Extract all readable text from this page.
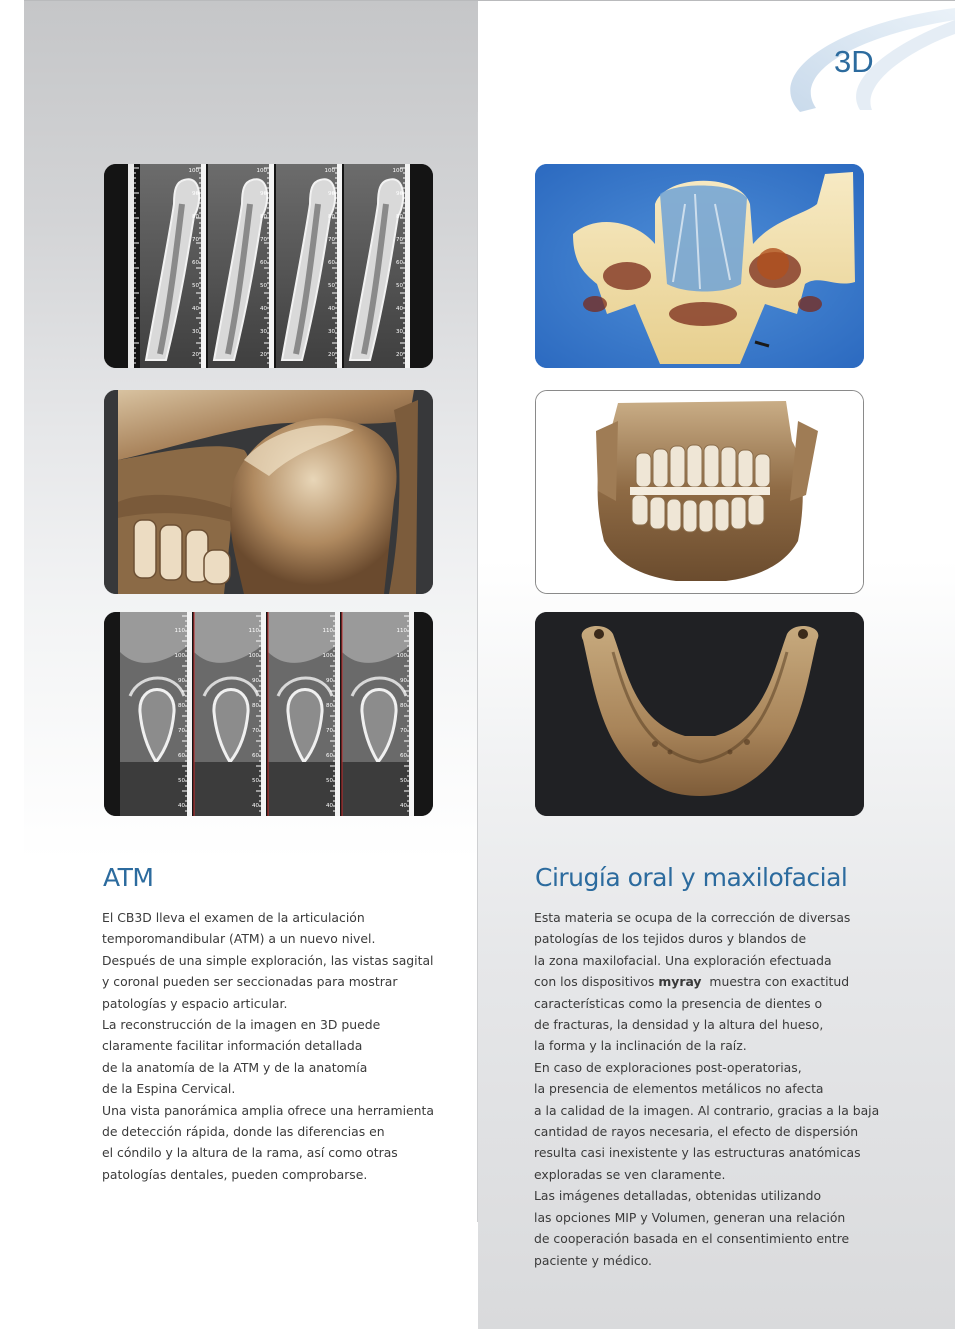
3D
100
90
80
70
60
50
40
30
20
100
90
80
70
60
50
40
30
20
100
90
80
70
60
50
40
30
20
100
90
80
70
60
50
40
30
20
110
100
90
80
70
60
50
40
110
100
90
80
70
60
50
40
110
100
90
80
70
60
50
40
110
100
90
80
70
60
50
40
ATM	Cirugía oral y maxilofacial
El CB3D lleva el examen de la articulación
temporomandibular (ATM) a un nuevo nivel.
Después de una simple exploración, las vistas sagital
y coronal pueden ser seccionadas para mostrar
patologías y espacio articular.
La reconstrucción de la imagen en 3D puede
claramente facilitar información detallada
de la anatomía de la ATM y de la anatomía
de la Espina Cervical.
Una vista panorámica amplia ofrece una herramienta
de detección rápida, donde las diferencias en
el cóndilo y la altura de la rama, así como otras
patologías dentales, pueden comprobarse.
Esta materia se ocupa de la corrección de diversas
patologías de los tejidos duros y blandos de
la zona maxilofacial. Una exploración efectuada
con los dispositivos myray muestra con exactitud
características como la presencia de dientes o
de fracturas, la densidad y la altura del hueso,
la forma y la inclinación de la raíz.
En caso de exploraciones post-operatorias,
la presencia de elementos metálicos no afecta
a la calidad de la imagen. Al contrario, gracias a la baja
cantidad de rayos necesaria, el efecto de dispersión
resulta casi inexistente y las estructuras anatómicas
exploradas se ven claramente.
Las imágenes detalladas, obtenidas utilizando
las opciones MIP y Volumen, generan una relación
de cooperación basada en el consentimiento entre
paciente y médico.
